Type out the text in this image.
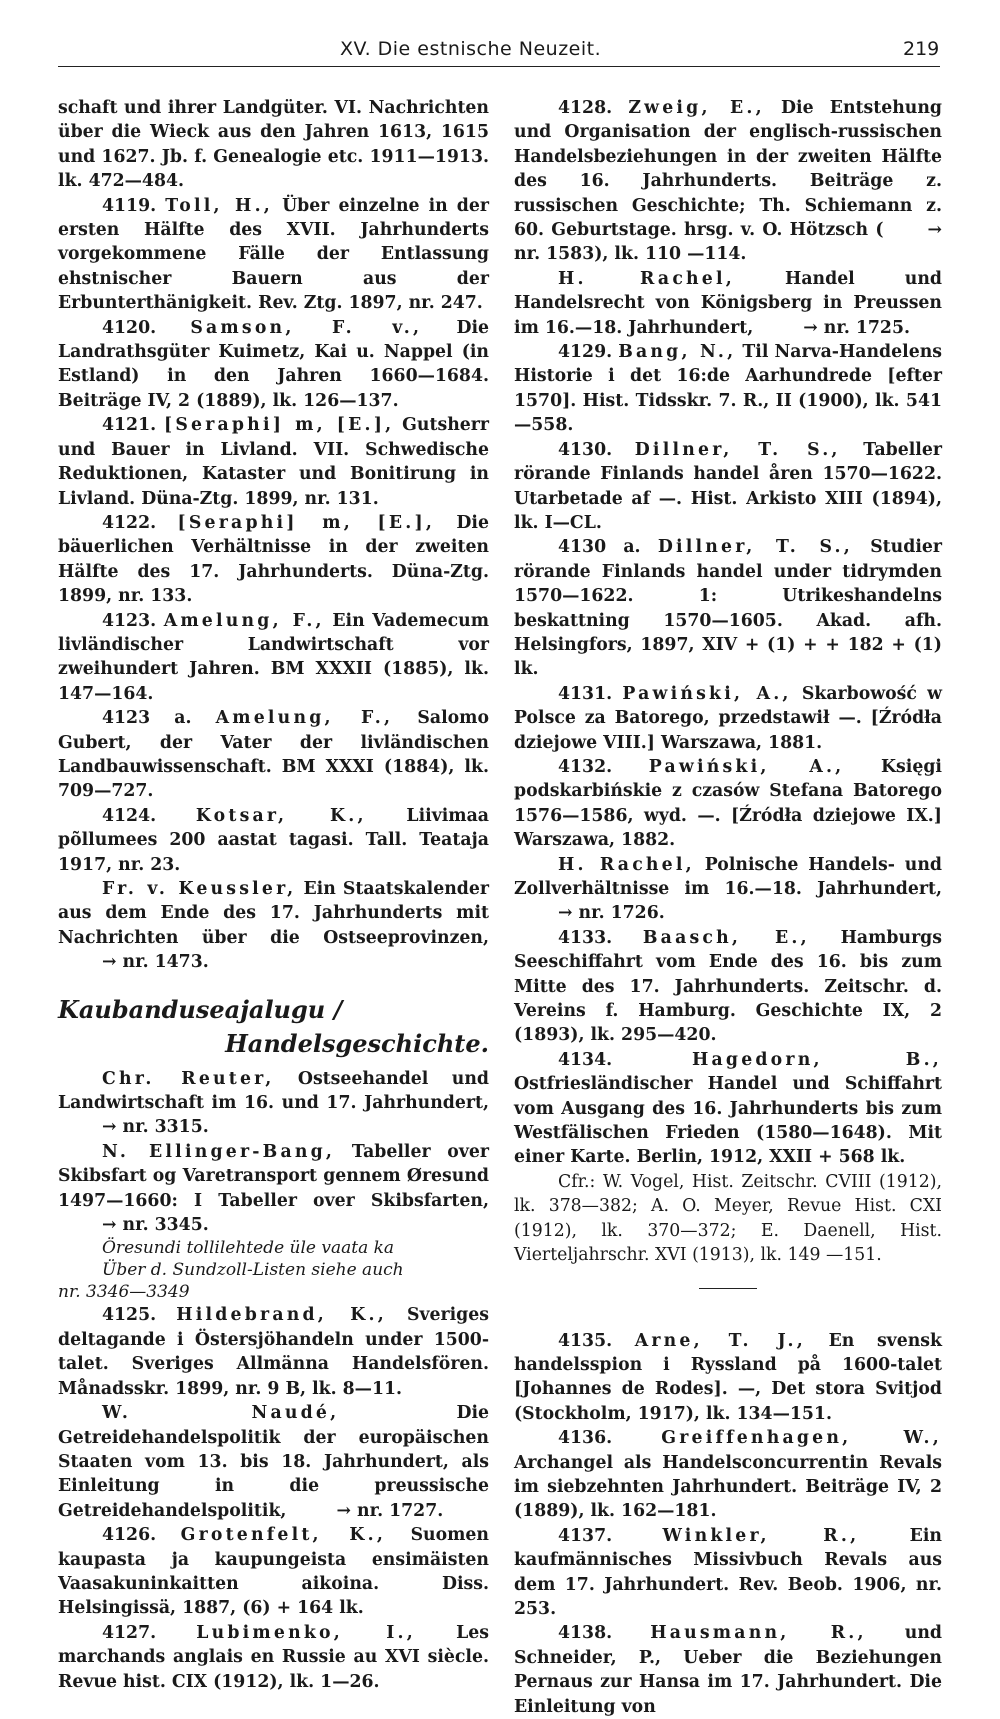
XV. Die estnische Neuzeit.	219

schaft und ihrer Landgüter. VI. Nachrichten über die Wieck aus den Jahren 1613, 1615 und 1627. Jb. f. Genealogie etc. 1911—1913. lk. 472—484.

4119. Toll, H., Über einzelne in der ersten Hälfte des XVII. Jahrhunderts vorgekommene Fälle der Entlassung ehstnischer Bauern aus der Erbunterthänigkeit. Rev. Ztg. 1897, nr. 247.

4120. Samson, F. v., Die Landrathsgüter Kuimetz, Kai u. Nappel (in Estland) in den Jahren 1660—1684. Beiträge IV, 2 (1889), lk. 126—137.

4121. [Seraphi] m, [E.], Gutsherr und Bauer in Livland. VII. Schwedische Reduktionen, Kataster und Bonitirung in Livland. Düna-Ztg. 1899, nr. 131.

4122. [Seraphi] m, [E.], Die bäuerlichen Verhältnisse in der zweiten Hälfte des 17. Jahrhunderts. Düna-Ztg. 1899, nr. 133.

4123. Amelung, F., Ein Vademecum livländischer Landwirtschaft vor zweihundert Jahren. BM XXXII (1885), lk. 147—164.

4123 a. Amelung, F., Salomo Gubert, der Vater der livländischen Landbauwissenschaft. BM XXXI (1884), lk. 709—727.

4124. Kotsar, K., Liivimaa põllumees 200 aastat tagasi. Tall. Teataja 1917, nr. 23.

Fr. v. Keussler, Ein Staatskalender aus dem Ende des 17. Jahrhunderts mit Nachrichten über die Ostseeprovinzen, → nr. 1473.

Kaubanduseajalugu /

Handelsgeschichte.

Chr. Reuter, Ostseehandel und Landwirtschaft im 16. und 17. Jahrhundert, → nr. 3315.

N. Ellinger-Bang, Tabeller over Skibsfart og Varetransport gennem Øresund 1497—1660: I Tabeller over Skibsfarten, → nr. 3345.

Öresundi tollilehtede üle vaata ka

Über d. Sundzoll-Listen siehe auch

nr. 3346—3349

4125. Hildebrand, K., Sveriges deltagande i Östersjöhandeln under 1500-talet. Sveriges Allmänna Handelsfören. Månadsskr. 1899, nr. 9 B, lk. 8—11.

W. Naudé,	Die Getreidehandelspolitik der europäischen Staaten vom 13. bis 18. Jahrhundert, als Einleitung in die preussische Getreidehandelspolitik,	→ nr. 1727.

4126. Grotenfelt, K., Suomen kaupasta ja kaupungeista ensimäisten Vaasakuninkaitten aikoina. Diss. Helsingissä, 1887, (6) + 164 lk.

4127. Lubimenko, I., Les marchands anglais en Russie au XVI siècle. Revue hist. CIX (1912), lk. 1—26.

4128. Zweig, E., Die Entstehung und Organisation der englisch-russischen Handelsbeziehungen in der zweiten Hälfte des 16. Jahrhunderts. Beiträge z. russischen Geschichte; Th. Schiemann z. 60. Geburtstage. hrsg. v. O. Hötzsch (	→ nr. 1583), lk. 110 —114.

H. Rachel,	Handel und Handelsrecht von Königsberg in Preussen im 16.—18. Jahrhundert,	→ nr. 1725.

4129. Bang, N., Til Narva-Handelens Historie i det 16:de Aarhundrede [efter 1570]. Hist. Tidsskr. 7. R., II (1900), lk. 541—558.

4130. Dillner, T. S., Tabeller rörande Finlands handel åren 1570—1622. Utarbetade af —. Hist. Arkisto XIII (1894), lk. I—CL.

4130 a. Dillner, T. S., Studier rörande Finlands handel under tidrymden 1570—1622. 1: Utrikeshandelns beskattning 1570—1605. Akad. afh. Helsingfors, 1897, XIV + (1) + + 182 + (1) lk.

4131. Pawiński, A., Skarbowość w Polsce za Batorego, przedstawił —. [Źródła dziejowe VIII.] Warszawa, 1881.

4132. Pawiński, A., Księgi podskarbińskie z czasów Stefana Batorego 1576—1586, wyd. —. [Źródła dziejowe IX.] Warszawa, 1882.

H. Rachel, Polnische Handels- und Zollverhältnisse im 16.—18. Jahrhundert, → nr. 1726.

4133. Baasch, E., Hamburgs Seeschiffahrt vom Ende des 16. bis zum Mitte des 17. Jahrhunderts. Zeitschr. d. Vereins f. Hamburg. Geschichte IX, 2 (1893), lk. 295—420.

4134.	Hagedorn, B., Ostfriesländischer Handel und Schiffahrt vom Ausgang des 16. Jahrhunderts bis zum Westfälischen Frieden (1580—1648). Mit einer Karte. Berlin, 1912, XXII + 568 lk.

Cfr.: W. Vogel, Hist. Zeitschr. CVIII (1912), lk. 378—382; A. O. Meyer, Revue Hist. CXI (1912), lk. 370—372; E. Daenell, Hist. Vierteljahrschr. XVI (1913), lk. 149 —151.

4135. Arne, T. J., En svensk handelsspion i Ryssland på 1600-talet [Johannes de Rodes]. —, Det stora Svitjod (Stockholm, 1917), lk. 134—151.

4136.	Greiffenhagen, W., Archangel als Handelsconcurrentin Revals im siebzehnten Jahrhundert. Beiträge IV, 2 (1889), lk. 162—181.

4137.	Winkler, R.,	Ein kaufmännisches Missivbuch Revals aus dem 17. Jahrhundert. Rev. Beob. 1906, nr. 253.

4138. Hausmann, R., und Schneider, P., Ueber die Beziehungen Pernaus zur Hansa im 17. Jahrhundert. Die Einleitung von
